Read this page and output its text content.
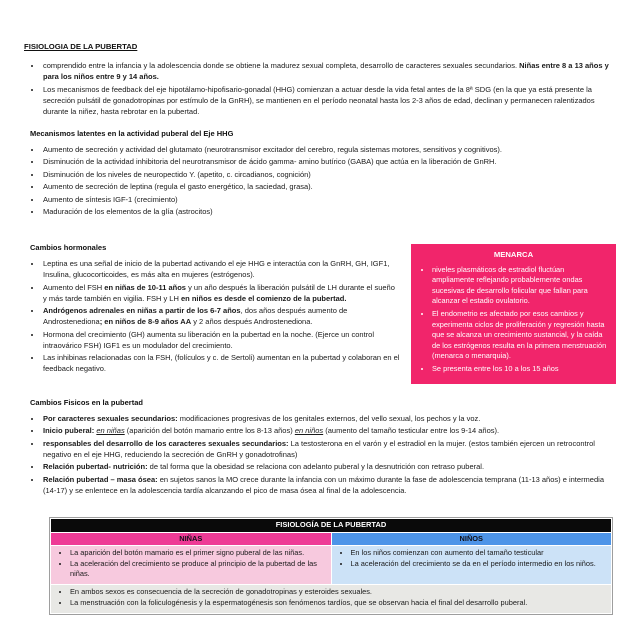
FISIOLOGIA DE LA PUBERTAD
• comprendido entre la infancia y la adolescencia donde se obtiene la madurez sexual completa, desarrollo de caracteres sexuales secundarios. Niñas entre 8 a 13 años y para los niños entre 9 y 14 años.
• Los mecanismos de feedback del eje hipotálamo-hipofisario-gonadal (HHG) comienzan a actuar desde la vida fetal antes de la 8ª SDG (en la que ya está presente la secreción pulsátil de gonadotropinas por estímulo de la GnRH), se mantienen en el período neonatal hasta los 2-3 años de edad, declinan y permanecen ralentizados durante la niñez, hasta rebrotar en la pubertad.
Mecanismos latentes en la actividad puberal del Eje HHG
• Aumento de secreción y actividad del glutamato (neurotransmisor excitador del cerebro, regula sistemas motores, sensitivos y cognitivos).
• Disminución de la actividad inhibitoria del neurotransmisor de ácido gamma- amino butírico (GABA) que actúa en la liberación de GnRH.
• Disminución de los niveles de neuropectido Y. (apetito, c. circadianos, cognición)
• Aumento de secreción de leptina (regula el gasto energético, la saciedad, grasa).
• Aumento de síntesis IGF-1 (crecimiento)
• Maduración de los elementos de la glía (astrocitos)
Cambios hormonales
• Leptina es una señal de inicio de la pubertad activando el eje HHG e interactúa con la GnRH, GH, IGF1, Insulina, glucocorticoides, es más alta en mujeres (estrógenos).
• Aumento del FSH en niñas de 10-11 años y un año después la liberación pulsátil de LH durante el sueño y más tarde también en vigilia. FSH y LH en niños es desde el comienzo de la pubertad.
• Andrógenos adrenales en niñas a partir de los 6-7 años, dos años después aumento de Androstenediona; en niños de 8-9 años AA y 2 años después Androstenediona.
• Hormona del crecimiento (GH) aumenta su liberación en la pubertad en la noche. (Ejerce un control intraovárico FSH) IGF1 es un modulador del crecimiento.
• Las inhibinas relacionadas con la FSH, (folículos y c. de Sertoli) aumentan en la pubertad y colaboran en el feedback negativo.
MENARCA
• niveles plasmáticos de estradiol fluctúan ampliamente reflejando probablemente ondas sucesivas de desarrollo folicular que fallan para alcanzar el estadio ovulatorio.
• El endometrio es afectado por esos cambios y experimenta ciclos de proliferación y regresión hasta que se alcanza un crecimiento sustancial, y la caída de los estrógenos resulta en la primera menstruación (menarca o menarquia).
• Se presenta entre los 10 a los 15 años
Cambios Fisicos en la pubertad
• Por caracteres sexuales secundarios: modificaciones progresivas de los genitales externos, del vello sexual, los pechos y la voz.
• Inicio puberal: en niñas (aparición del botón mamario entre los 8-13 años) en niños (aumento del tamaño testicular entre los 9-14 años).
• responsables del desarrollo de los caracteres sexuales secundarios: La testosterona en el varón y el estradiol en la mujer. (estos también ejercen un retrocontrol negativo en el eje HHG, reduciendo la secreción de GnRH y gonadotrofinas)
• Relación pubertad- nutrición: de tal forma que la obesidad se relaciona con adelanto puberal y la desnutrición con retraso puberal.
• Relación pubertad – masa ósea: en sujetos sanos la MO crece durante la infancia con un máximo durante la fase de adolescencia temprana (11-13 años) e intermedia (14-17) y se enlentece en la adolescencia tardía alcanzando el pico de masa ósea al final de la adolescencia.
FISIOLOGÍA DE LA PUBERTAD	
NIÑAS	NIÑOS

• La aparición del botón mamario es el primer signo puberal de las niñas.
• La aceleración del crecimiento se produce al principio de la pubertad de las niñas.

• En los niños comienzan con aumento del tamaño testicular
• La aceleración del crecimiento se da en el período intermedio en los niños.

• En ambos sexos es consecuencia de la secreción de gonadotropinas y esteroides sexuales.
• La menstruación con la foliculogénesis y la espermatogénesis son fenómenos tardíos, que se observan hacia el final del desarrollo puberal.
